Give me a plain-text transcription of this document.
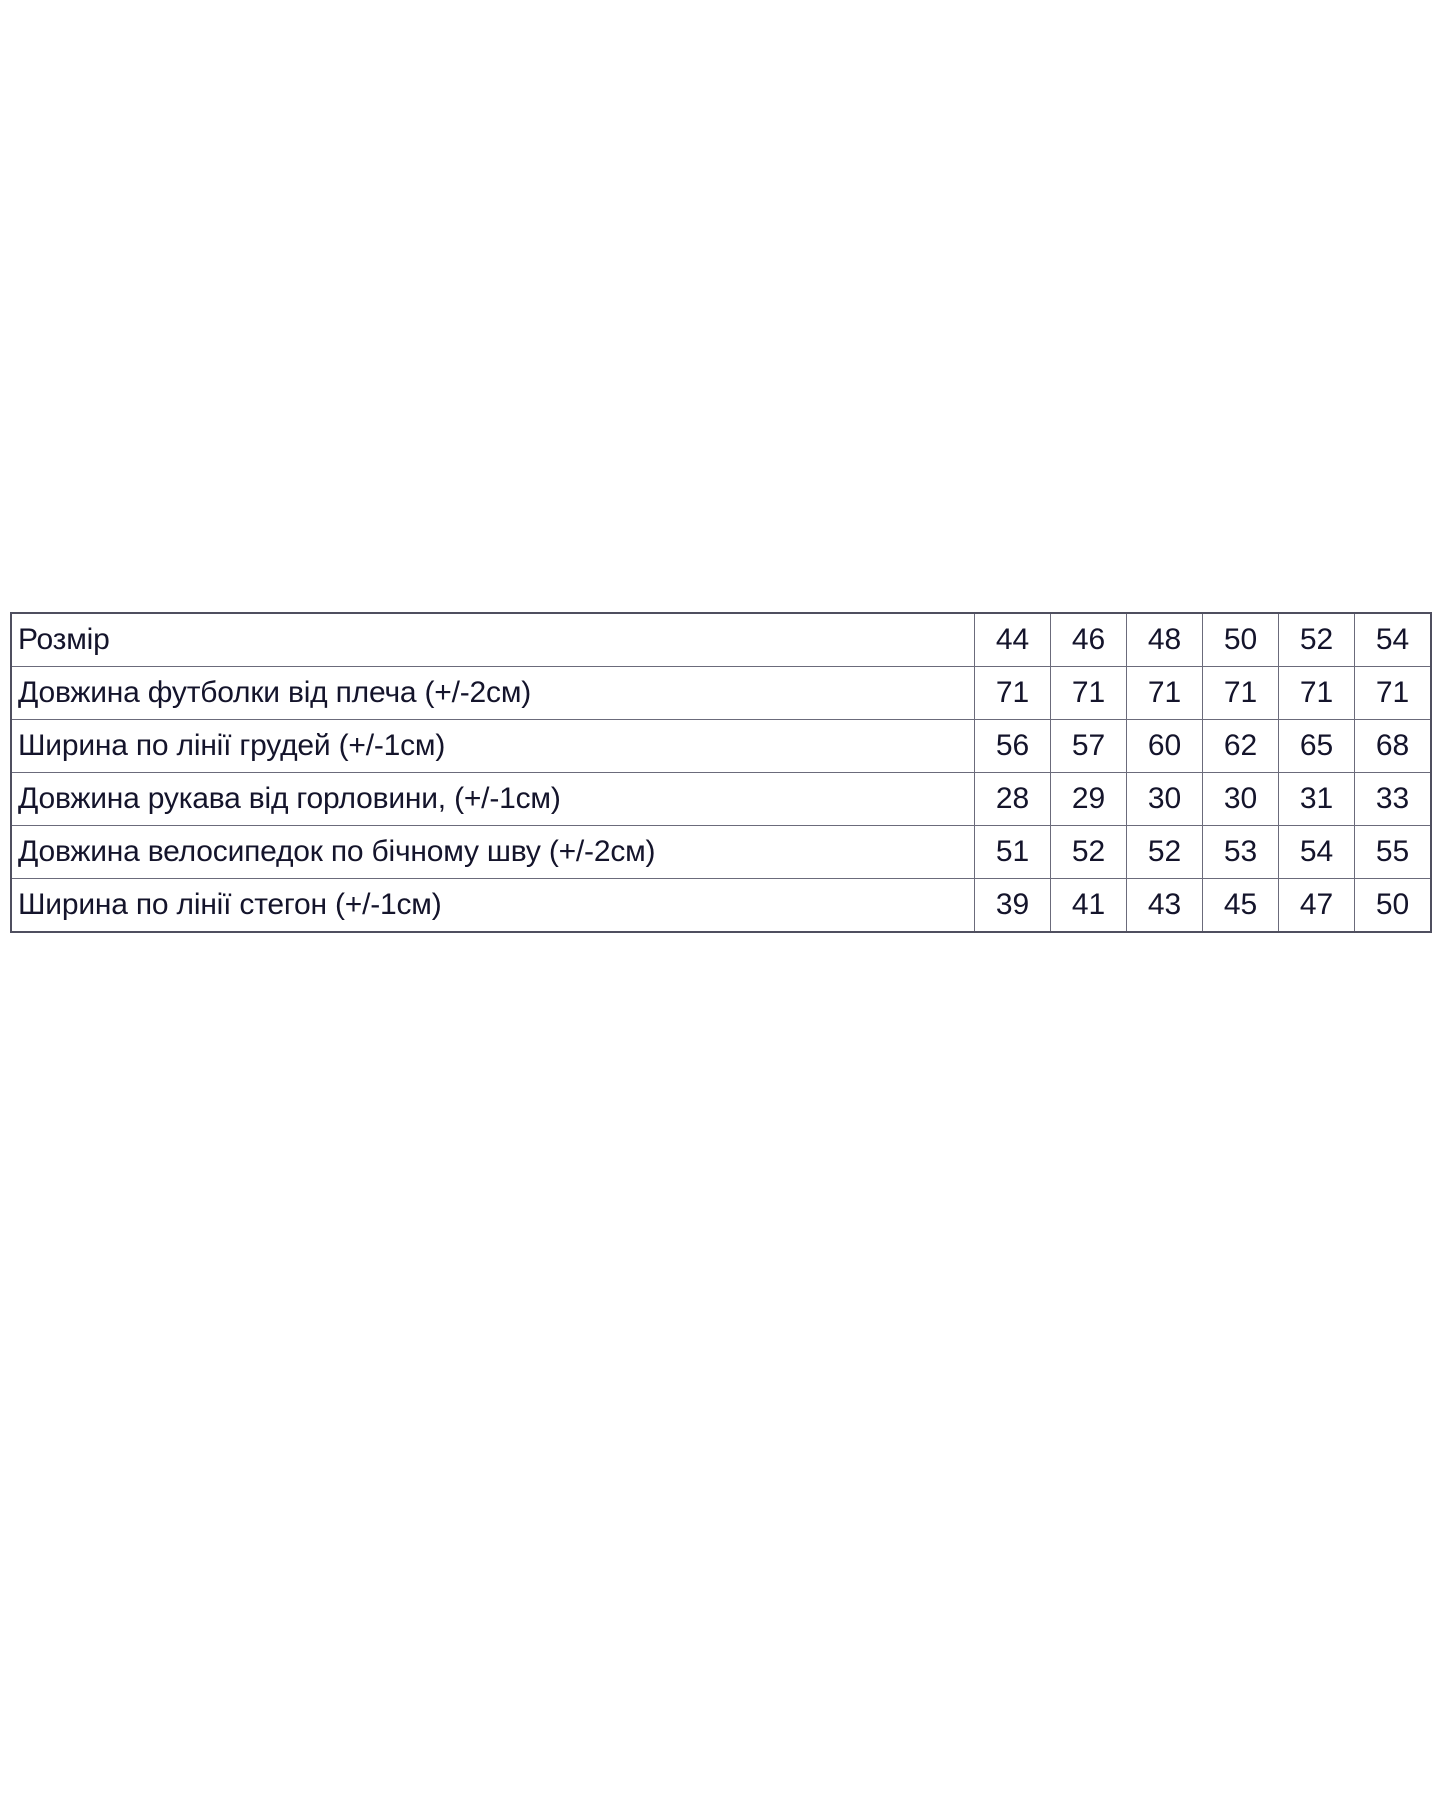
Розмір	44	46	48	50	52	54
Довжина футболки від плеча (+/-2см)	71	71	71	71	71	71
Ширина по лінії грудей (+/-1см)	56	57	60	62	65	68
Довжина рукава від горловини, (+/-1см)	28	29	30	30	31	33
Довжина велосипедок по бічному шву (+/-2см)	51	52	52	53	54	55
Ширина по лінії стегон (+/-1см)	39	41	43	45	47	50
